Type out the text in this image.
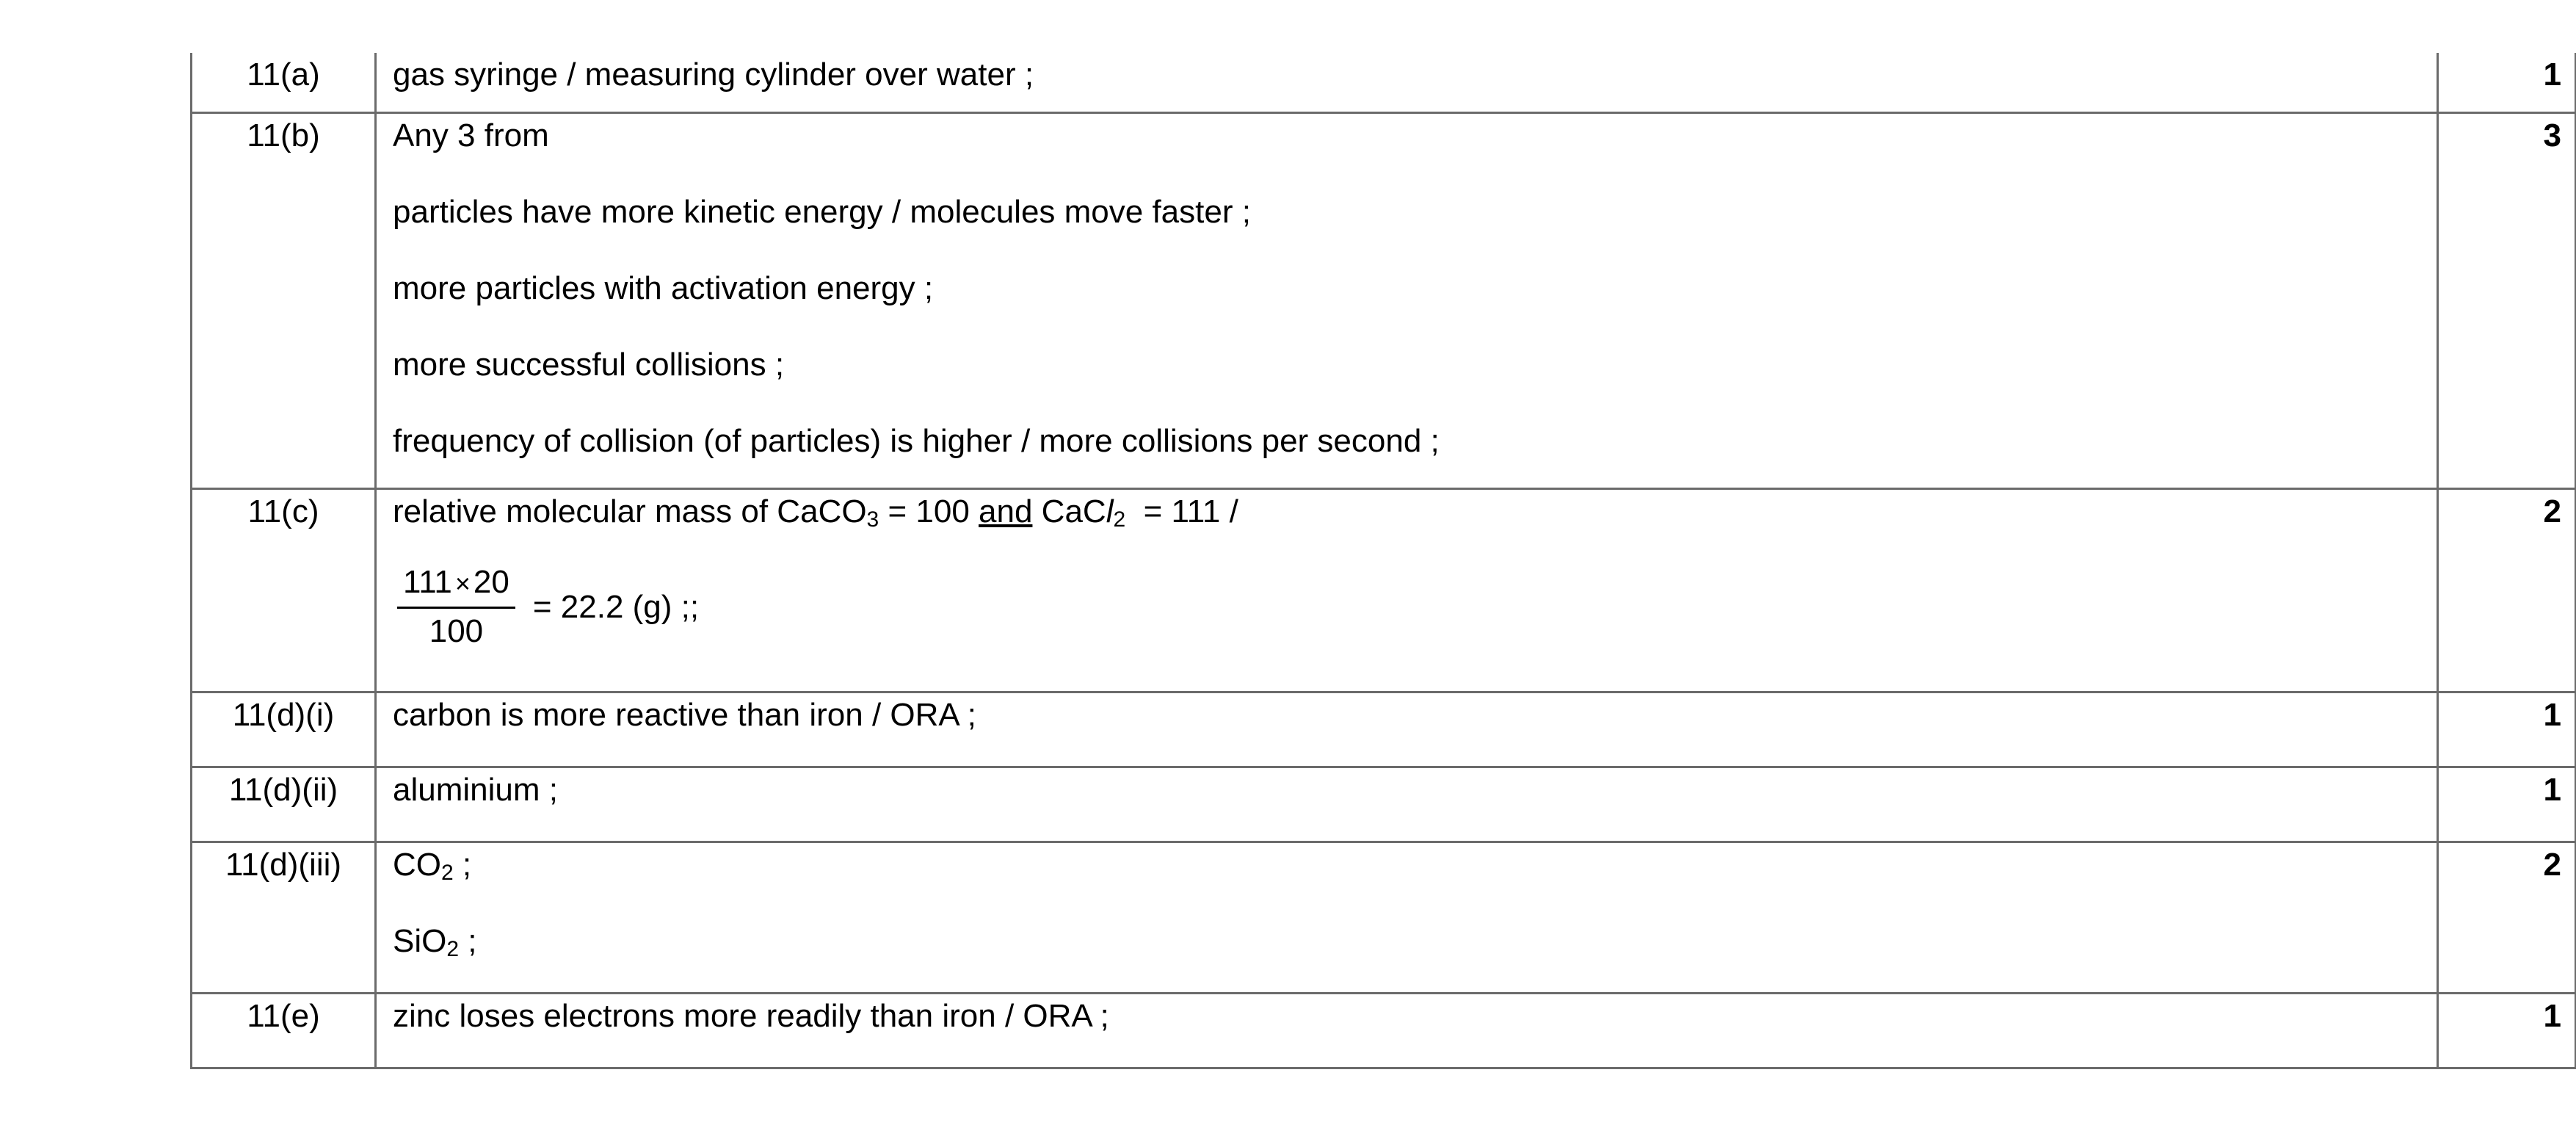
11(a)	gas syringe / measuring cylinder over water ;	1
11(b)	Any 3 from
particles have more kinetic energy / molecules move faster ;
more particles with activation energy ;
more successful collisions ;
frequency of collision (of particles) is higher / more collisions per second ;	3
11(c)	relative molecular mass of CaCO$_3$ = 100 and CaCl$_2$  = 111 /
$\frac{111 \times 20}{100} = 22.2$ (g) ;;	2
11(d)(i)	carbon is more reactive than iron / ORA ;	1
11(d)(ii)	aluminium ;	1
11(d)(iii)	$CO_2$ ;
SiO$_2$ ;	2
11(e)	zinc loses electrons more readily than iron / ORA ;	1
